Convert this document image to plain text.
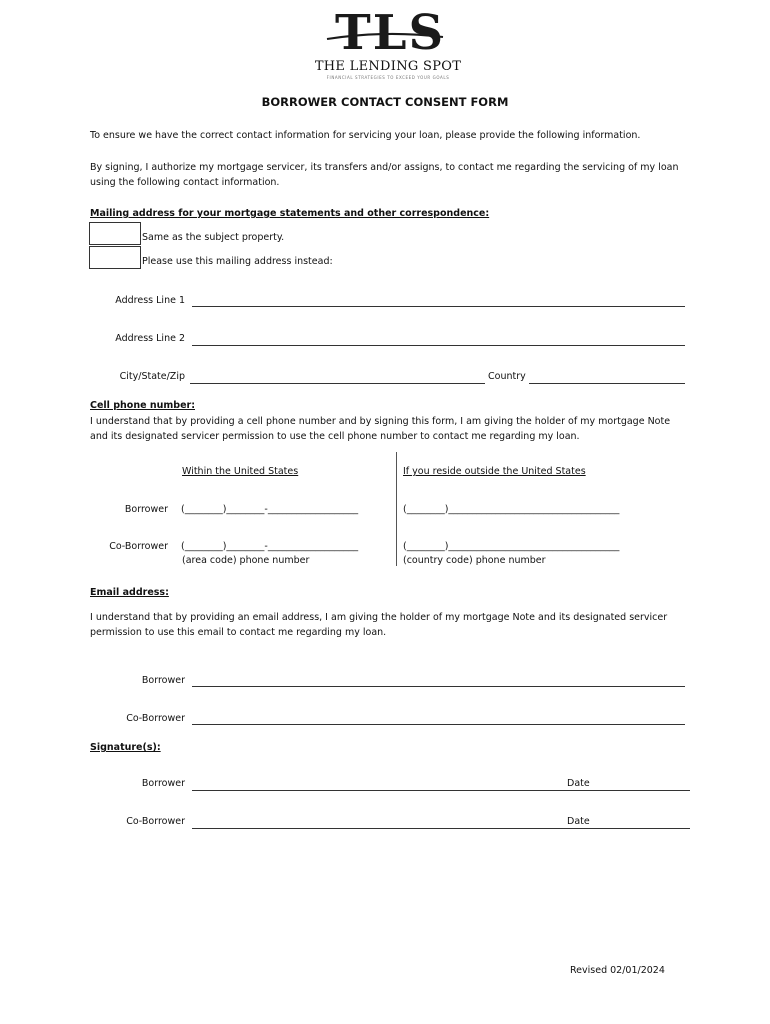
TLS
THE LENDING SPOT
FINANCIAL STRATEGIES TO EXCEED YOUR GOALS
BORROWER CONTACT CONSENT FORM
To ensure we have the correct contact information for servicing your loan, please provide the following information.
By signing, I authorize my mortgage servicer, its transfers and/or assigns, to contact me regarding the servicing of my loan using the following contact information.
Mailing address for your mortgage statements and other correspondence:
Same as the subject property.
Please use this mailing address instead:
Address Line 1
Address Line 2
City/State/Zip	Country
Cell phone number:
I understand that by providing a cell phone number and by signing this form, I am giving the holder of my mortgage Note and its designated servicer permission to use the cell phone number to contact me regarding my loan.
Within the United States	If you reside outside the United States
Borrower (________)________-___________________	(________)____________________________________
Co-Borrower (________)________-___________________	(________)____________________________________
(area code) phone number	(country code) phone number
Email address:
I understand that by providing an email address, I am giving the holder of my mortgage Note and its designated servicer permission to use this email to contact me regarding my loan.
Borrower
Co-Borrower
Signature(s):
Borrower	Date
Co-Borrower	Date
Revised 02/01/2024
